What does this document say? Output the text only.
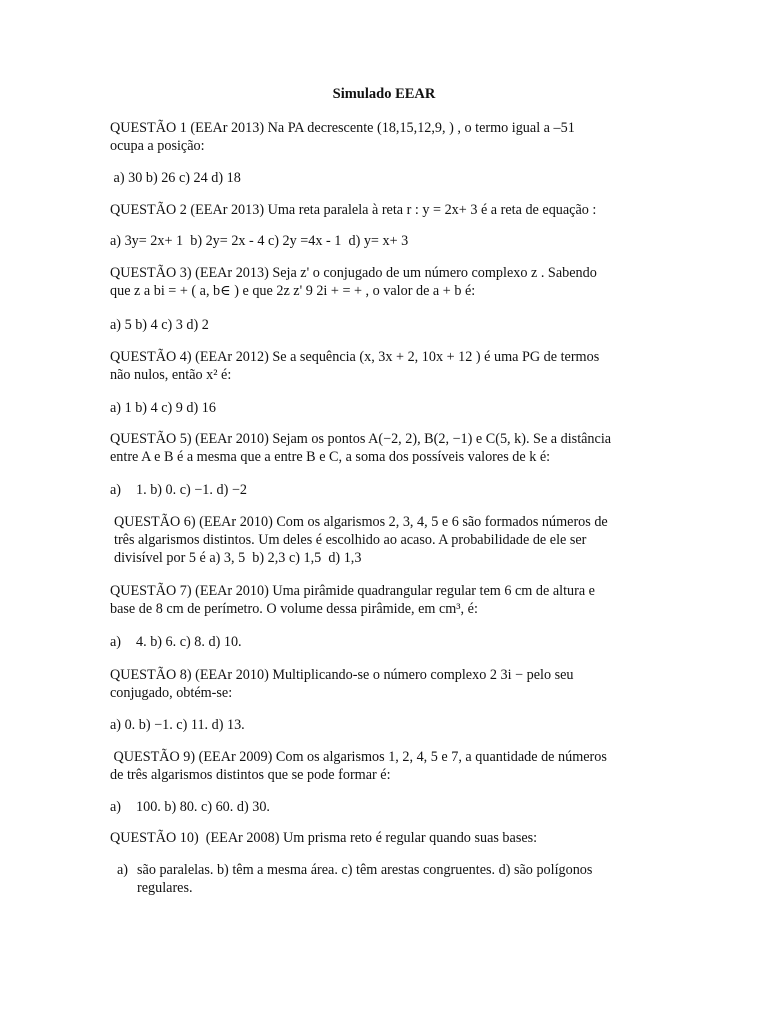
Simulado EEAR
QUESTÃO 1 (EEAr 2013) Na PA decrescente (18,15,12,9, ) , o termo igual a –51
ocupa a posição:
a) 30 b) 26 c) 24 d) 18
QUESTÃO 2 (EEAr 2013) Uma reta paralela à reta r : y = 2x+ 3 é a reta de equação :
a) 3y= 2x+ 1  b) 2y= 2x - 4 c) 2y =4x - 1  d) y= x+ 3
QUESTÃO 3) (EEAr 2013) Seja z' o conjugado de um número complexo z . Sabendo
que z a bi = + ( a, b∈ ) e que 2z z' 9 2i + = + , o valor de a + b é:
a) 5 b) 4 c) 3 d) 2
QUESTÃO 4) (EEAr 2012) Se a sequência (x, 3x + 2, 10x + 12 ) é uma PG de termos
não nulos, então x² é:
a) 1 b) 4 c) 9 d) 16
QUESTÃO 5) (EEAr 2010) Sejam os pontos A(−2, 2), B(2, −1) e C(5, k). Se a distância
entre A e B é a mesma que a entre B e C, a soma dos possíveis valores de k é:
a) 1. b) 0. c) −1. d) −2
QUESTÃO 6) (EEAr 2010) Com os algarismos 2, 3, 4, 5 e 6 são formados números de
três algarismos distintos. Um deles é escolhido ao acaso. A probabilidade de ele ser
divisível por 5 é a) 3, 5  b) 2,3 c) 1,5  d) 1,3
QUESTÃO 7) (EEAr 2010) Uma pirâmide quadrangular regular tem 6 cm de altura e
base de 8 cm de perímetro. O volume dessa pirâmide, em cm³, é:
a) 4. b) 6. c) 8. d) 10.
QUESTÃO 8) (EEAr 2010) Multiplicando-se o número complexo 2 3i − pelo seu
conjugado, obtém-se:
a) 0. b) −1. c) 11. d) 13.
QUESTÃO 9) (EEAr 2009) Com os algarismos 1, 2, 4, 5 e 7, a quantidade de números
de três algarismos distintos que se pode formar é:
a) 100. b) 80. c) 60. d) 30.
QUESTÃO 10)  (EEAr 2008) Um prisma reto é regular quando suas bases:
a) são paralelas. b) têm a mesma área. c) têm arestas congruentes. d) são polígonos
regulares.
